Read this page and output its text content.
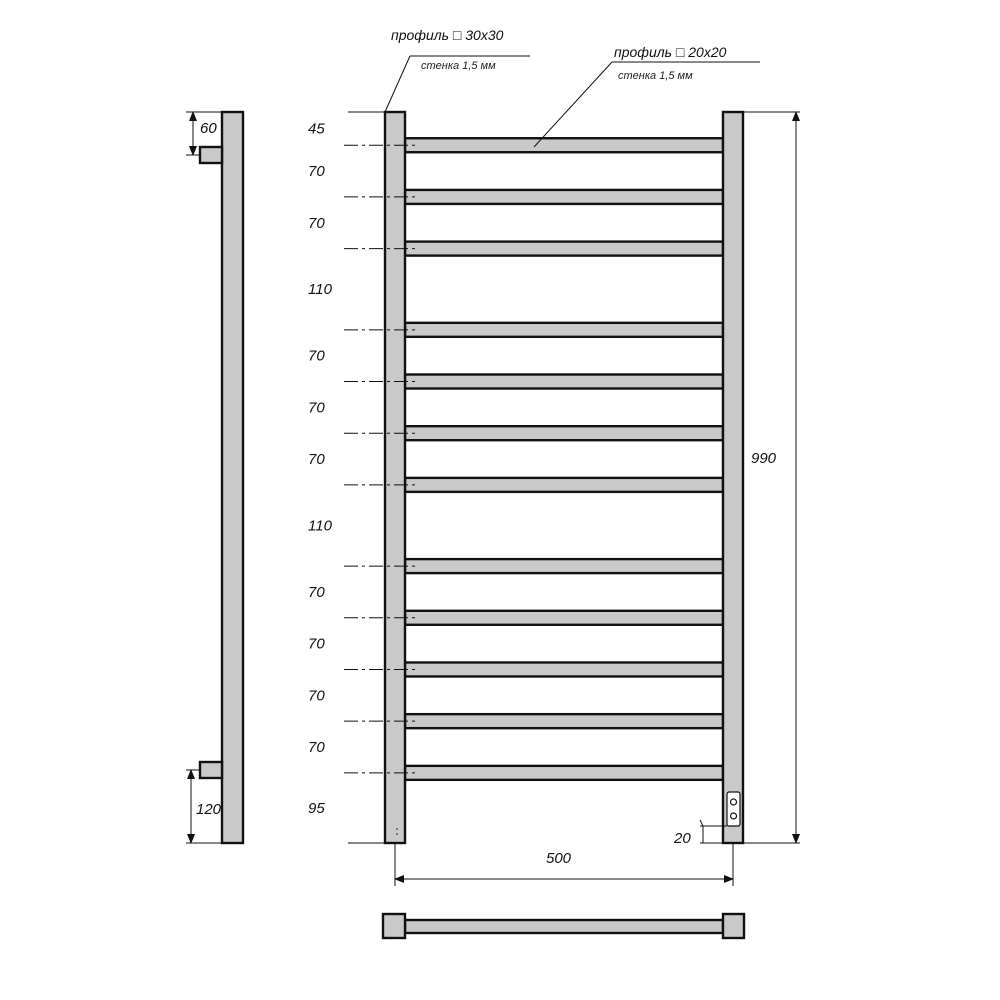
60
120
45
70
70
110
70
70
70
110
70
70
70
70
95
990
500
20
профиль □ 30x30
стенка 1,5 мм
профиль □ 20x20
стенка 1,5 мм
